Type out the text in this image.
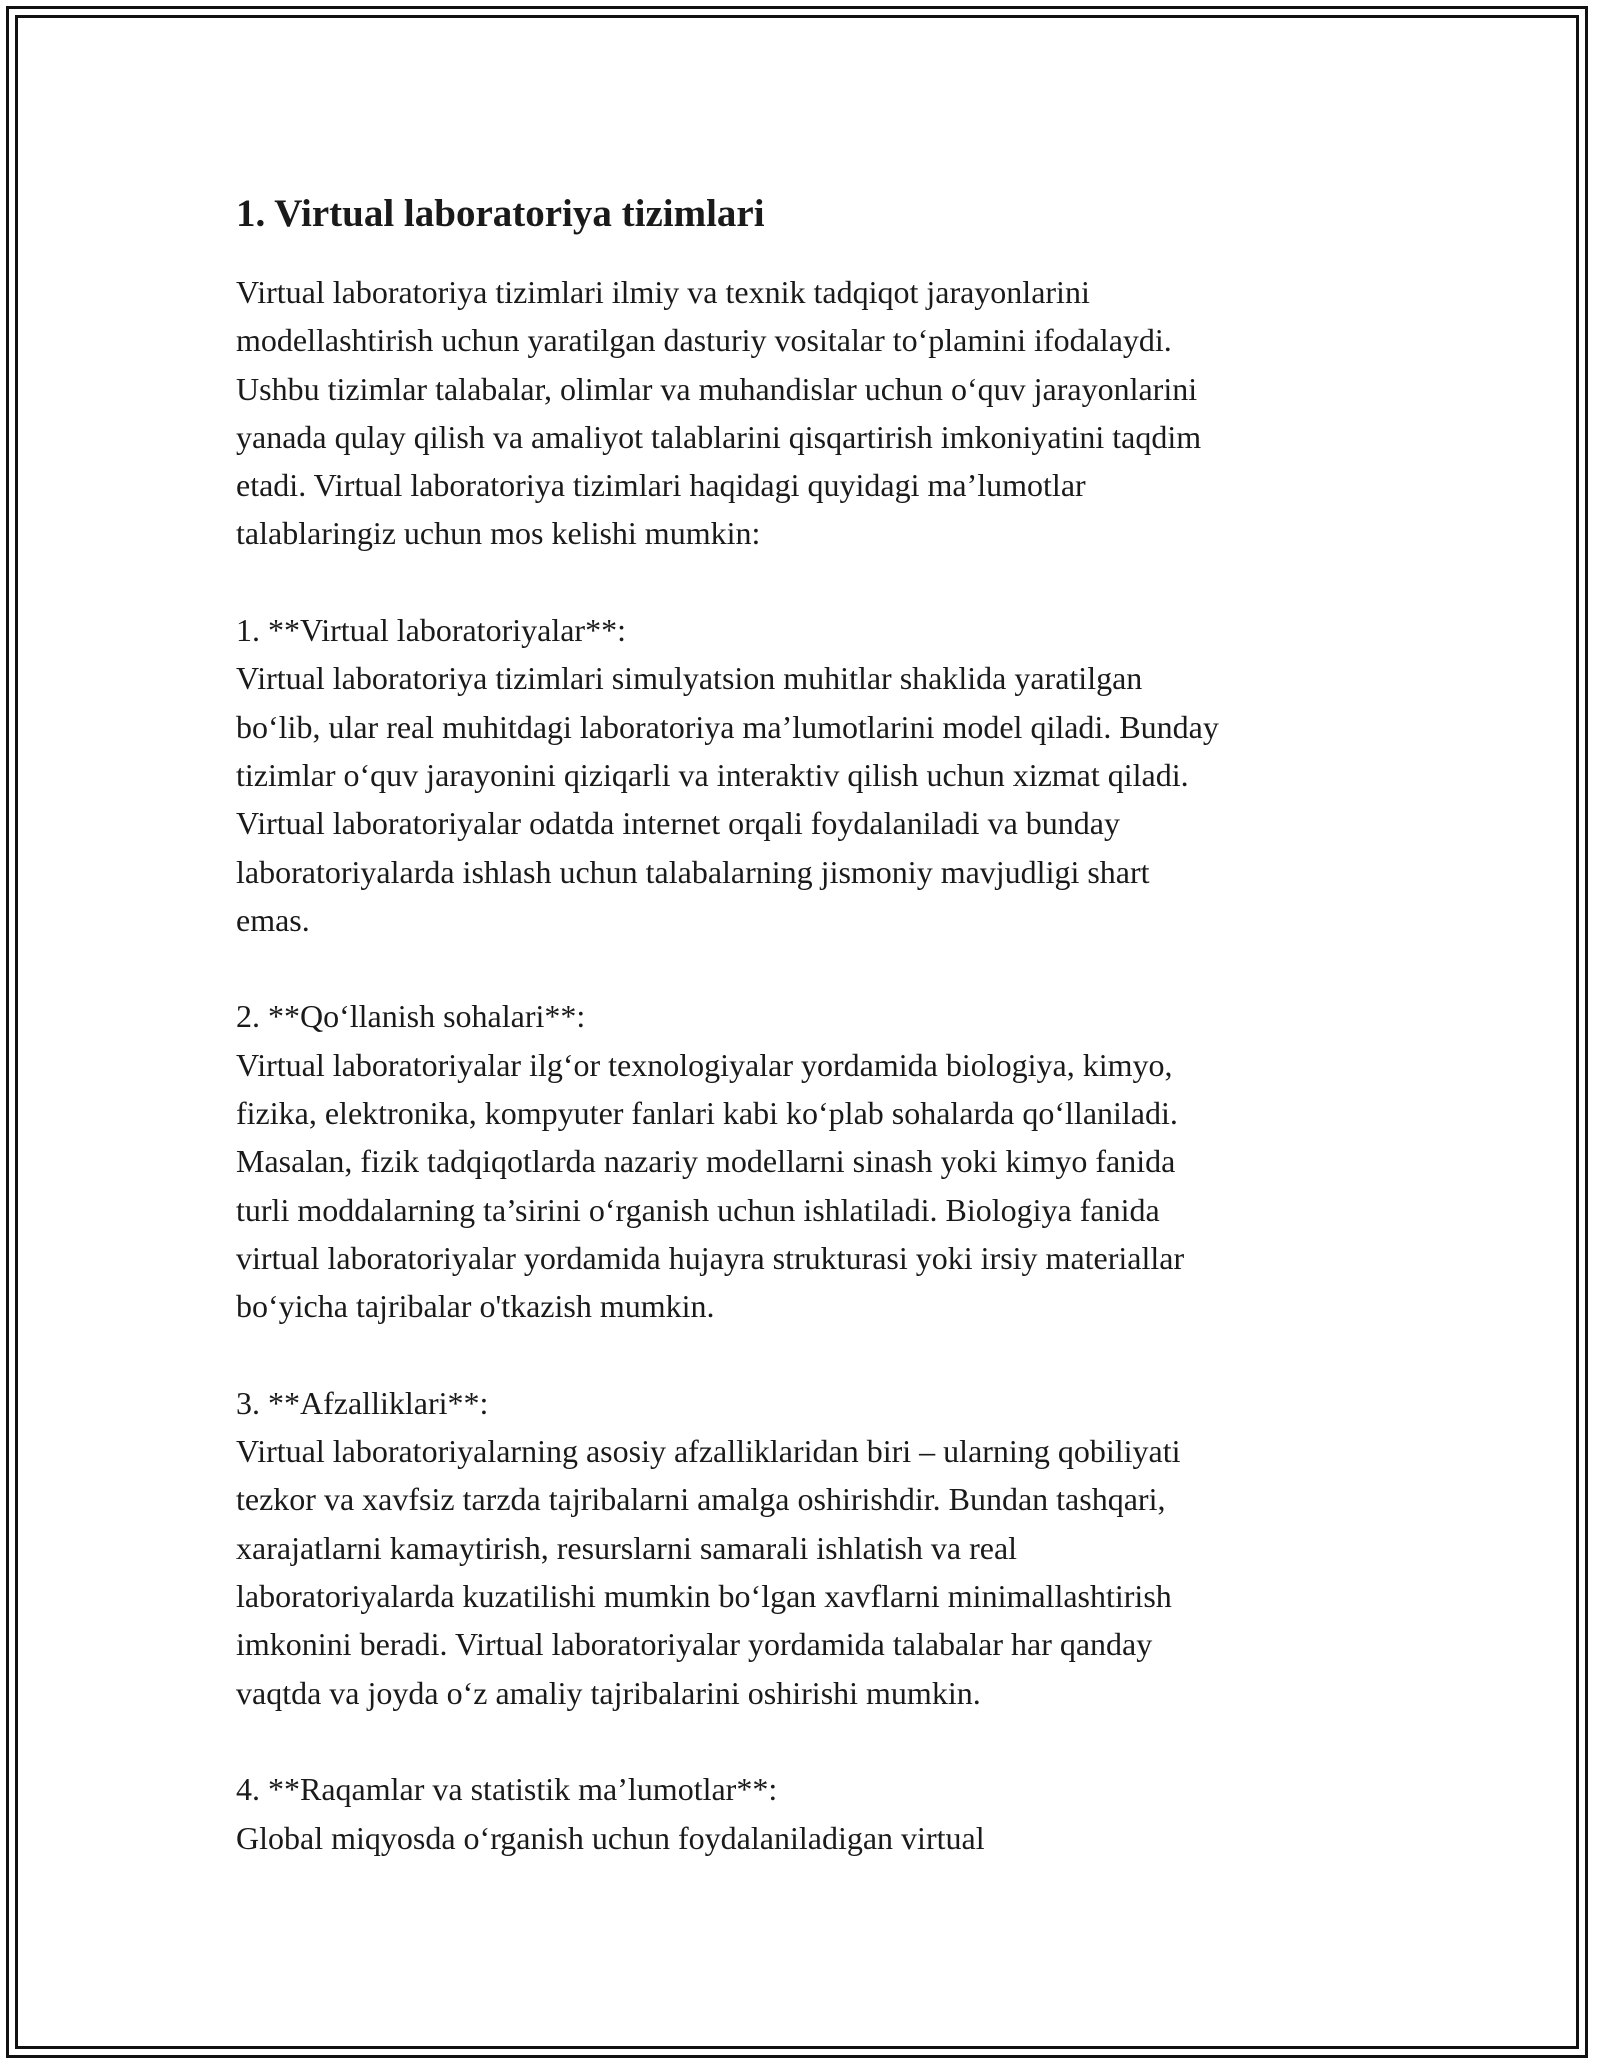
1. Virtual laboratoriya tizimlari

Virtual laboratoriya tizimlari ilmiy va texnik tadqiqot jarayonlarini
modellashtirish uchun yaratilgan dasturiy vositalar to‘plamini ifodalaydi.
Ushbu tizimlar talabalar, olimlar va muhandislar uchun o‘quv jarayonlarini
yanada qulay qilish va amaliyot talablarini qisqartirish imkoniyatini taqdim
etadi. Virtual laboratoriya tizimlari haqidagi quyidagi ma’lumotlar
talablaringiz uchun mos kelishi mumkin:

1. **Virtual laboratoriyalar**:

Virtual laboratoriya tizimlari simulyatsion muhitlar shaklida yaratilgan
bo‘lib, ular real muhitdagi laboratoriya ma’lumotlarini model qiladi. Bunday
tizimlar o‘quv jarayonini qiziqarli va interaktiv qilish uchun xizmat qiladi.
Virtual laboratoriyalar odatda internet orqali foydalaniladi va bunday
laboratoriyalarda ishlash uchun talabalarning jismoniy mavjudligi shart
emas.

2. **Qo‘llanish sohalari**:

Virtual laboratoriyalar ilg‘or texnologiyalar yordamida biologiya, kimyo,
fizika, elektronika, kompyuter fanlari kabi ko‘plab sohalarda qo‘llaniladi.
Masalan, fizik tadqiqotlarda nazariy modellarni sinash yoki kimyo fanida
turli moddalarning ta’sirini o‘rganish uchun ishlatiladi. Biologiya fanida
virtual laboratoriyalar yordamida hujayra strukturasi yoki irsiy materiallar
bo‘yicha tajribalar o'tkazish mumkin.

3. **Afzalliklari**:

Virtual laboratoriyalarning asosiy afzalliklaridan biri – ularning qobiliyati
tezkor va xavfsiz tarzda tajribalarni amalga oshirishdir. Bundan tashqari,
xarajatlarni kamaytirish, resurslarni samarali ishlatish va real
laboratoriyalarda kuzatilishi mumkin bo‘lgan xavflarni minimallashtirish
imkonini beradi. Virtual laboratoriyalar yordamida talabalar har qanday
vaqtda va joyda o‘z amaliy tajribalarini oshirishi mumkin.

4. **Raqamlar va statistik ma’lumotlar**:

Global miqyosda o‘rganish uchun foydalaniladigan virtual
